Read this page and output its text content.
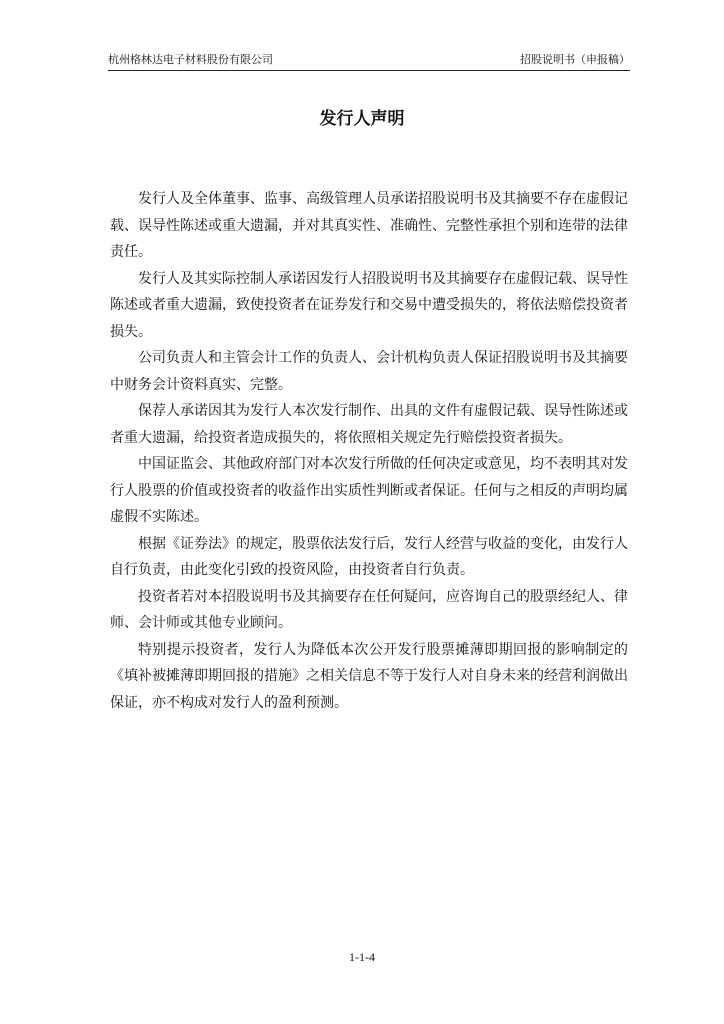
杭州格林达电子材料股份有限公司	招股说明书（申报稿）
发行人声明

发行人及全体董事、监事、高级管理人员承诺招股说明书及其摘要不存在虚假记载、误导性陈述或重大遗漏，并对其真实性、准确性、完整性承担个别和连带的法律责任。

发行人及其实际控制人承诺因发行人招股说明书及其摘要存在虚假记载、误导性陈述或者重大遗漏，致使投资者在证券发行和交易中遭受损失的，将依法赔偿投资者损失。

公司负责人和主管会计工作的负责人、会计机构负责人保证招股说明书及其摘要中财务会计资料真实、完整。

保荐人承诺因其为发行人本次发行制作、出具的文件有虚假记载、误导性陈述或者重大遗漏，给投资者造成损失的，将依照相关规定先行赔偿投资者损失。

中国证监会、其他政府部门对本次发行所做的任何决定或意见，均不表明其对发行人股票的价值或投资者的收益作出实质性判断或者保证。任何与之相反的声明均属虚假不实陈述。

根据《证券法》的规定，股票依法发行后，发行人经营与收益的变化，由发行人自行负责，由此变化引致的投资风险，由投资者自行负责。

投资者若对本招股说明书及其摘要存在任何疑问，应咨询自己的股票经纪人、律师、会计师或其他专业顾问。

特别提示投资者，发行人为降低本次公开发行股票摊薄即期回报的影响制定的《填补被摊薄即期回报的措施》之相关信息不等于发行人对自身未来的经营利润做出保证，亦不构成对发行人的盈利预测。

1-1-4
